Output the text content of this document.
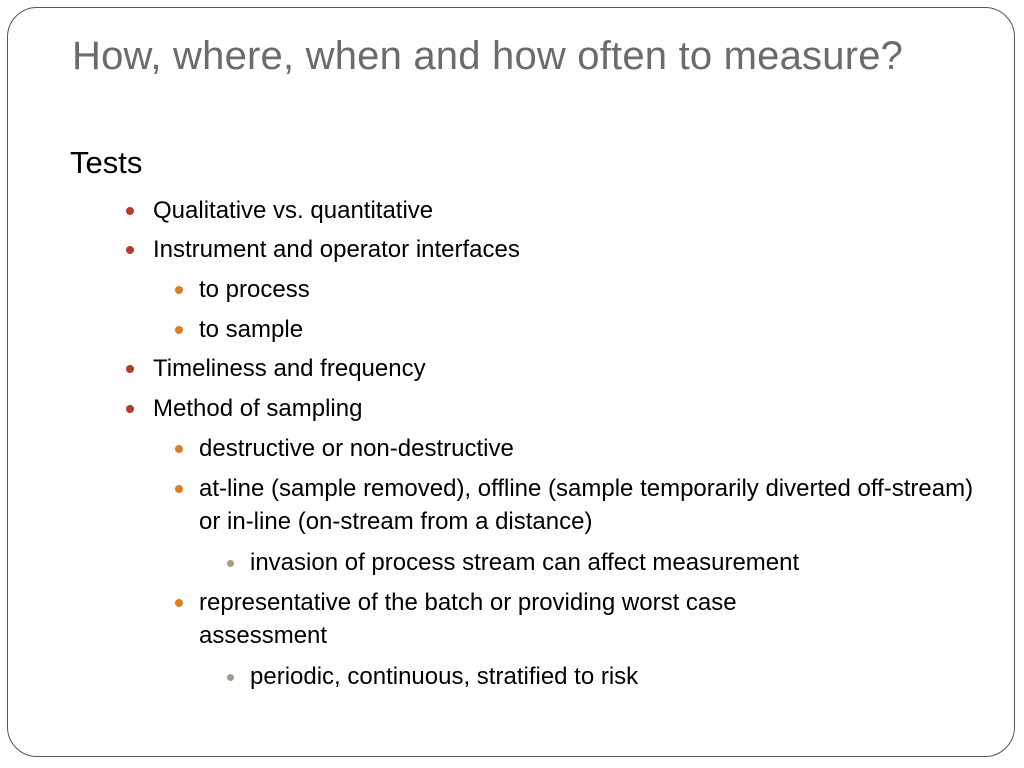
How, where, when and how often to measure?
Tests

Qualitative vs. quantitative

Instrument and operator interfaces

to process

to sample

Timeliness and frequency

Method of sampling

destructive or non-destructive

at-line (sample removed), offline (sample temporarily diverted off-stream) or in-line (on-stream from a distance)

invasion of process stream can affect measurement

representative of the batch or providing worst case assessment

periodic, continuous, stratified to risk
